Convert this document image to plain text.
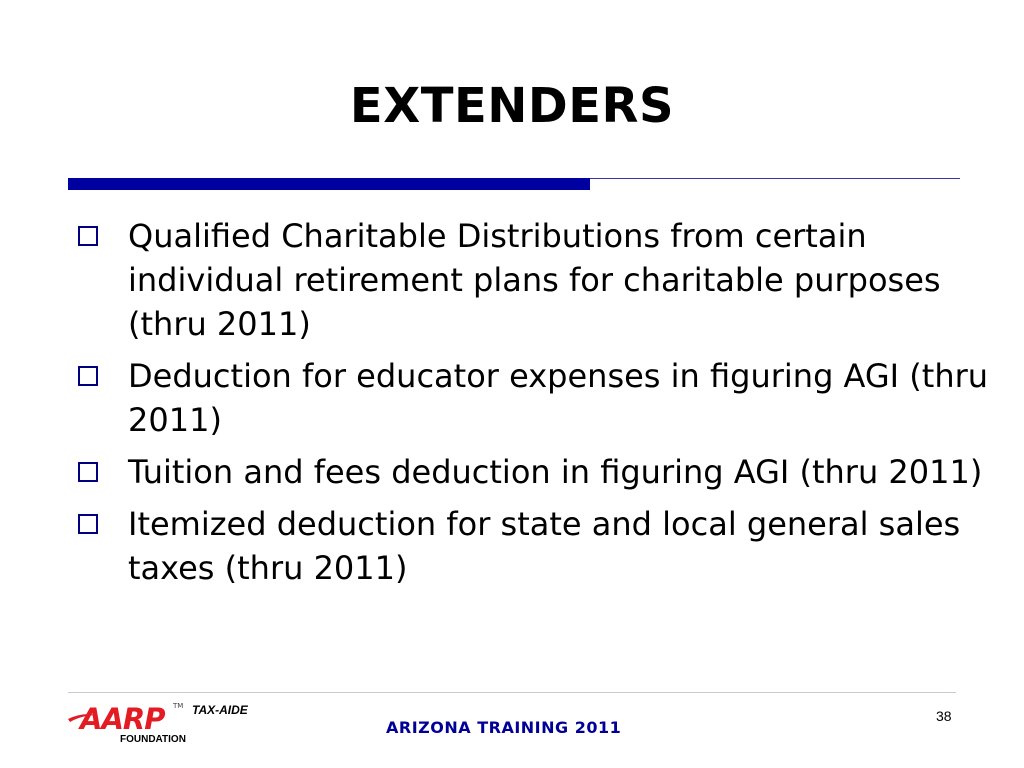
EXTENDERS
Qualified Charitable Distributions from certain individual retirement plans for charitable purposes (thru 2011)
Deduction for educator expenses in figuring AGI (thru 2011)
Tuition and fees deduction in figuring AGI (thru 2011)
Itemized deduction for state and local general sales taxes (thru 2011)
AARP TM TAX-AIDE
FOUNDATION
ARIZONA TRAINING 2011
38
